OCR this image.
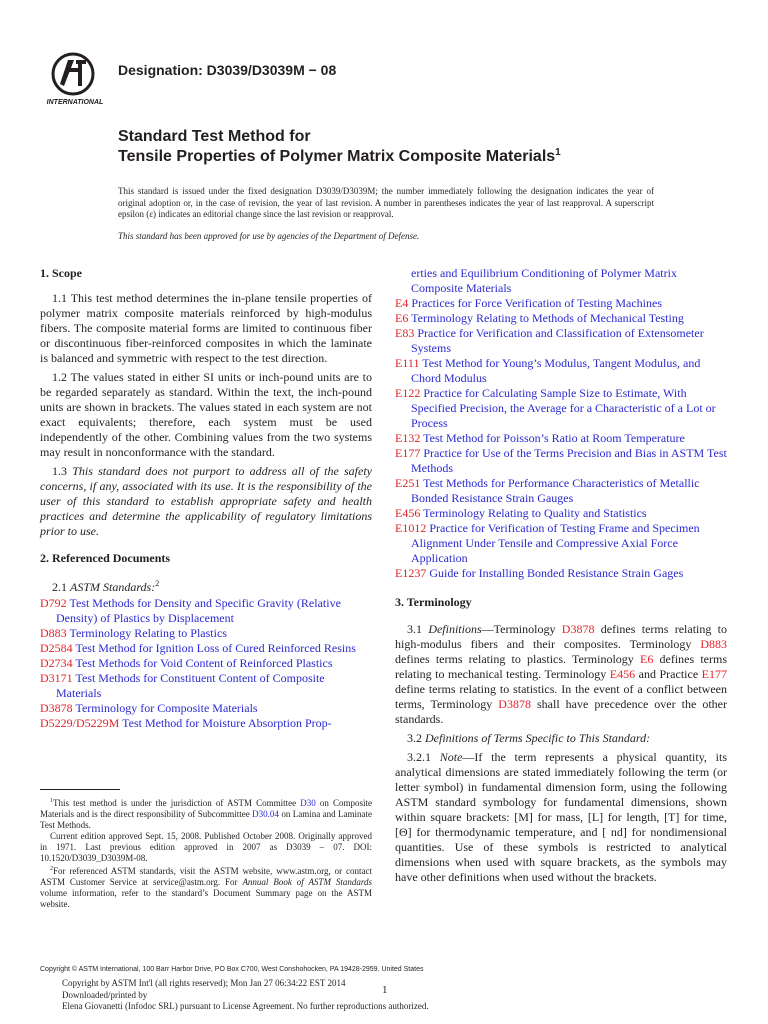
INTERNATIONAL
Designation: D3039/D3039M − 08
Standard Test Method for
Tensile Properties of Polymer Matrix Composite Materials$^1$
This standard is issued under the fixed designation D3039/D3039M; the number immediately following the designation indicates the year of original adoption or, in the case of revision, the year of last revision. A number in parentheses indicates the year of last reapproval. A superscript epsilon (ε) indicates an editorial change since the last revision or reapproval.
This standard has been approved for use by agencies of the Department of Defense.
1. Scope

1.1 This test method determines the in-plane tensile properties of polymer matrix composite materials reinforced by high-modulus fibers. The composite material forms are limited to continuous fiber or discontinuous fiber-reinforced composites in which the laminate is balanced and symmetric with respect to the test direction.

1.2 The values stated in either SI units or inch-pound units are to be regarded separately as standard. Within the text, the inch-pound units are shown in brackets. The values stated in each system are not exact equivalents; therefore, each system must be used independently of the other. Combining values from the two systems may result in nonconformance with the standard.

1.3 This standard does not purport to address all of the safety concerns, if any, associated with its use. It is the responsibility of the user of this standard to establish appropriate safety and health practices and determine the applicability of regulatory limitations prior to use.

2. Referenced Documents

2.1 ASTM Standards:$^2$

D792 Test Methods for Density and Specific Gravity (Relative Density) of Plastics by Displacement
D883 Terminology Relating to Plastics
D2584 Test Method for Ignition Loss of Cured Reinforced Resins
D2734 Test Methods for Void Content of Reinforced Plastics
D3171 Test Methods for Constituent Content of Composite Materials
D3878 Terminology for Composite Materials
D5229/D5229M Test Method for Moisture Absorption Prop-
erties and Equilibrium Conditioning of Polymer Matrix Composite Materials
E4 Practices for Force Verification of Testing Machines
E6 Terminology Relating to Methods of Mechanical Testing
E83 Practice for Verification and Classification of Extensometer Systems
E111 Test Method for Young’s Modulus, Tangent Modulus, and Chord Modulus
E122 Practice for Calculating Sample Size to Estimate, With Specified Precision, the Average for a Characteristic of a Lot or Process
E132 Test Method for Poisson’s Ratio at Room Temperature
E177 Practice for Use of the Terms Precision and Bias in ASTM Test Methods
E251 Test Methods for Performance Characteristics of Metallic Bonded Resistance Strain Gauges
E456 Terminology Relating to Quality and Statistics
E1012 Practice for Verification of Testing Frame and Specimen Alignment Under Tensile and Compressive Axial Force Application
E1237 Guide for Installing Bonded Resistance Strain Gages
3. Terminology

3.1 Definitions—Terminology D3878 defines terms relating to high-modulus fibers and their composites. Terminology D883 defines terms relating to plastics. Terminology E6 defines terms relating to mechanical testing. Terminology E456 and Practice E177 define terms relating to statistics. In the event of a conflict between terms, Terminology D3878 shall have precedence over the other standards.

3.2 Definitions of Terms Specific to This Standard:

3.2.1 Note—If the term represents a physical quantity, its analytical dimensions are stated immediately following the term (or letter symbol) in fundamental dimension form, using the following ASTM standard symbology for fundamental dimensions, shown within square brackets: [M] for mass, [L] for length, [T] for time, [Θ] for thermodynamic temperature, and [ nd] for nondimensional quantities. Use of these symbols is restricted to analytical dimensions when used with square brackets, as the symbols may have other definitions when used without the brackets.

$^1$This test method is under the jurisdiction of ASTM Committee D30 on Composite Materials and is the direct responsibility of Subcommittee D30.04 on Lamina and Laminate Test Methods.

Current edition approved Sept. 15, 2008. Published October 2008. Originally approved in 1971. Last previous edition approved in 2007 as D3039 – 07. DOI: 10.1520/D3039_D3039M-08.

$^2$For referenced ASTM standards, visit the ASTM website, www.astm.org, or contact ASTM Customer Service at service@astm.org. For Annual Book of ASTM Standards volume information, refer to the standard’s Document Summary page on the ASTM website.

Copyright © ASTM International, 100 Barr Harbor Drive, PO Box C700, West Conshohocken, PA 19428-2959. United States
Copyright by ASTM Int'l (all rights reserved); Mon Jan 27 06:34:22 EST 2014
Downloaded/printed by
Elena Giovanetti (Infodoc SRL) pursuant to License Agreement. No further reproductions authorized.
1
